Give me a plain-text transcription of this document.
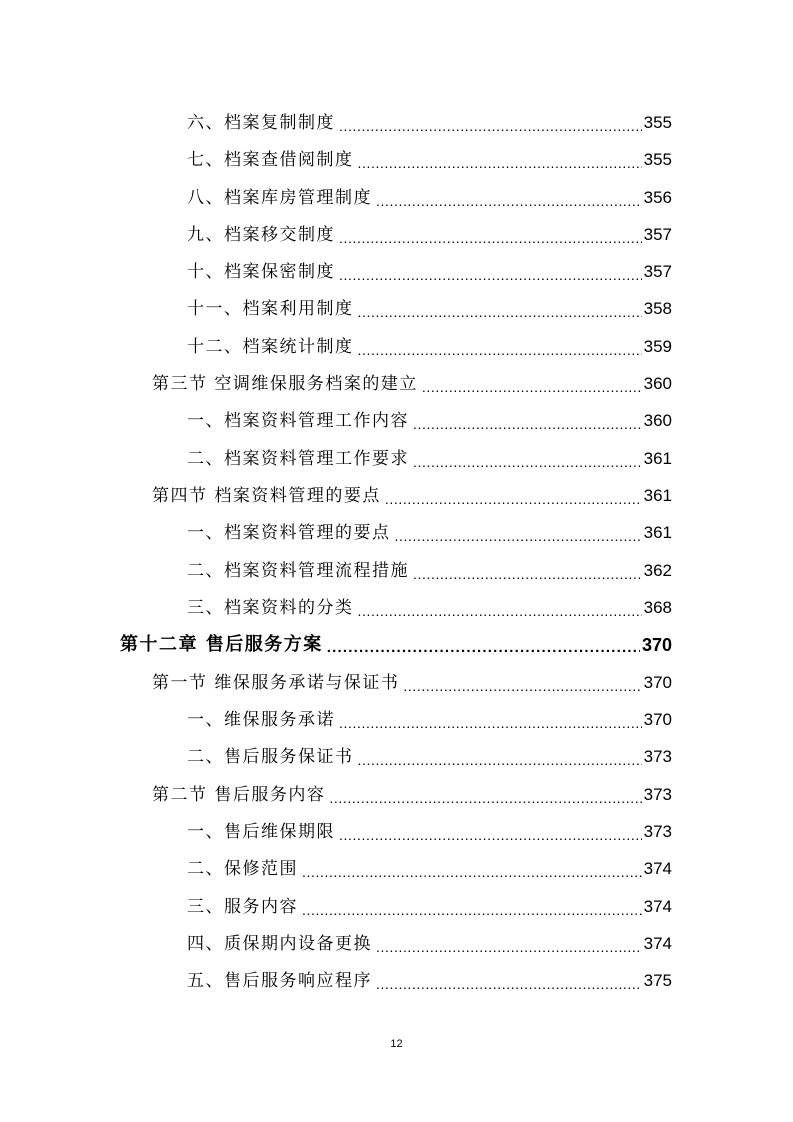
六、档案复制制度 .....	355
七、档案查借阅制度 .....	355
八、档案库房管理制度 .....	356
九、档案移交制度 .....	357
十、档案保密制度 .....	357
十一、档案利用制度 .....	358
十二、档案统计制度 .....	359
第三节 空调维保服务档案的建立 .....	360
一、档案资料管理工作内容 .....	360
二、档案资料管理工作要求 .....	361
第四节 档案资料管理的要点 .....	361
一、档案资料管理的要点 .....	361
二、档案资料管理流程措施 .....	362
三、档案资料的分类 .....	368
第十二章 售后服务方案 .....	370
第一节 维保服务承诺与保证书 .....	370
一、维保服务承诺 .....	370
二、售后服务保证书 .....	373
第二节 售后服务内容 .....	373
一、售后维保期限 .....	373
二、保修范围 .....	374
三、服务内容 .....	374
四、质保期内设备更换 .....	374
五、售后服务响应程序 .....	375
12
